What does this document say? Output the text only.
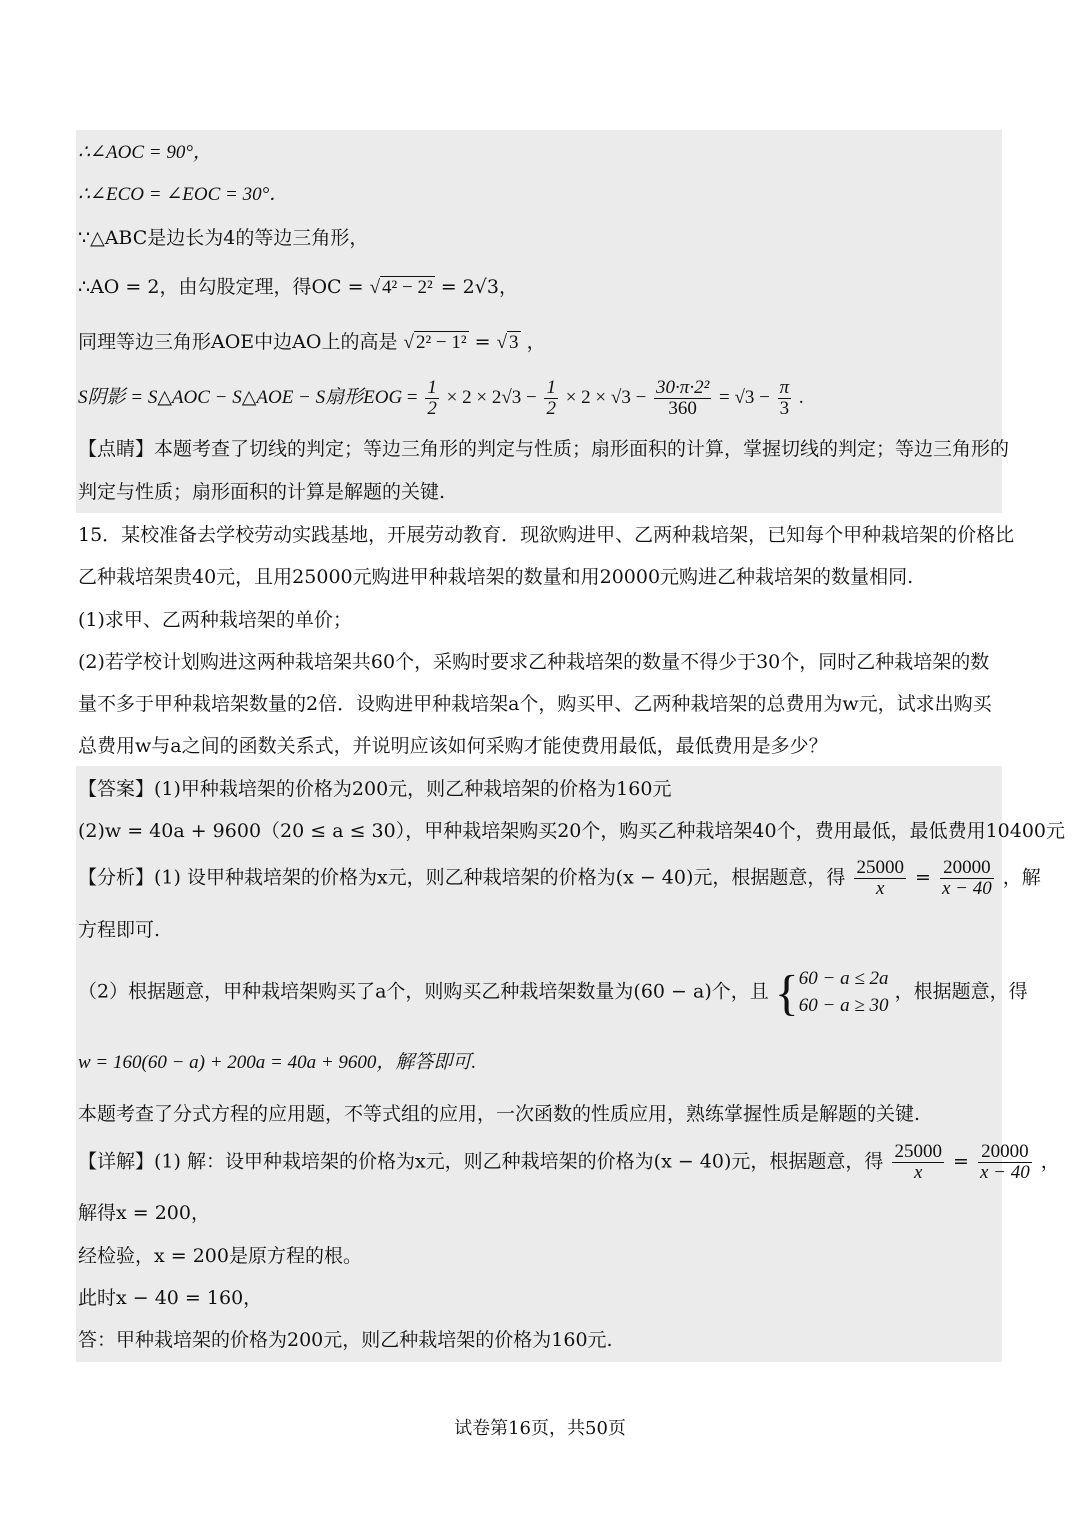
∴∠AOC = 90°，
∴∠ECO = ∠EOC = 30°．
∵△ABC是边长为4的等边三角形，
∴AO = 2，由勾股定理，得OC = √ 4² − 2² = 2√3，
同理等边三角形AOE中边AO上的高是 √ 2² − 1² = √ 3 ，
S阴影 = S△AOC − S△AOE − S扇形EOG = $\frac{1}{2} \times 2 \times 2√3 - \frac{1}{2} \times 2 \times √3 - \frac{\text{30·π·2²}}{360} = √3 - \frac{\pi}{3}$ .
【点睛】本题考查了切线的判定；等边三角形的判定与性质；扇形面积的计算，掌握切线的判定；等边三角形的
判定与性质；扇形面积的计算是解题的关键.
15．某校准备去学校劳动实践基地，开展劳动教育．现欲购进甲、乙两种栽培架，已知每个甲种栽培架的价格比
乙种栽培架贵40元，且用25000元购进甲种栽培架的数量和用20000元购进乙种栽培架的数量相同.
(1)求甲、乙两种栽培架的单价；
(2)若学校计划购进这两种栽培架共60个，采购时要求乙种栽培架的数量不得少于30个，同时乙种栽培架的数
量不多于甲种栽培架数量的2倍．设购进甲种栽培架a个，购买甲、乙两种栽培架的总费用为w元，试求出购买
总费用w与a之间的函数关系式，并说明应该如何采购才能使费用最低，最低费用是多少？
【答案】(1)甲种栽培架的价格为200元，则乙种栽培架的价格为160元
(2)w = 40a + 9600（20 ≤ a ≤ 30），甲种栽培架购买20个，购买乙种栽培架40个，费用最低，最低费用10400元
【分析】(1) 设甲种栽培架的价格为x元，则乙种栽培架的价格为(x − 40)元，根据题意，得 $\frac{25000}{x} = \frac{20000}{x - 40}$ ，解
方程即可.
（2）根据题意，甲种栽培架购买了a个，则购买乙种栽培架数量为(60 − a)个，且 {60 − a ≤ 2a
60 − a ≥ 30 ，根据题意，得
w = 160(60 − a) + 200a = 40a + 9600，解答即可.
本题考查了分式方程的应用题，不等式组的应用，一次函数的性质应用，熟练掌握性质是解题的关键.
【详解】(1) 解：设甲种栽培架的价格为x元，则乙种栽培架的价格为(x − 40)元，根据题意，得 $\frac{25000}{x} = \frac{20000}{x - 40}$ ，
解得x = 200，
经检验，x = 200是原方程的根。
此时x − 40 = 160，
答：甲种栽培架的价格为200元，则乙种栽培架的价格为160元.
试卷第16页，共50页
